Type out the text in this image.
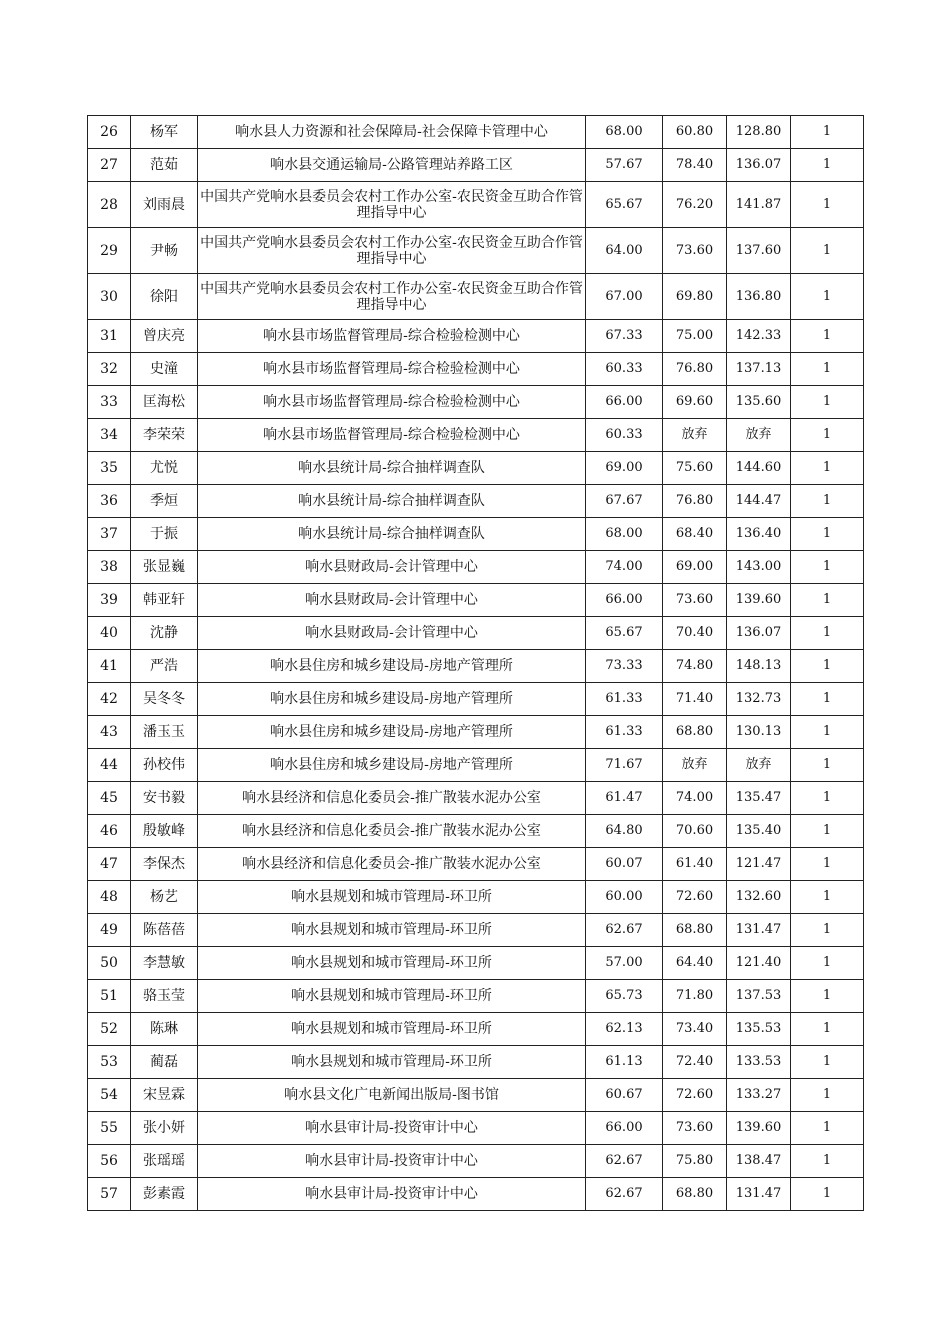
26	杨军	响水县人力资源和社会保障局-社会保障卡管理中心	68.00	60.80	128.80	1
27	范茹	响水县交通运输局-公路管理站养路工区	57.67	78.40	136.07	1
28	刘雨晨	中国共产党响水县委员会农村工作办公室-农民资金互助合作管理指导中心	65.67	76.20	141.87	1
29	尹畅	中国共产党响水县委员会农村工作办公室-农民资金互助合作管理指导中心	64.00	73.60	137.60	1
30	徐阳	中国共产党响水县委员会农村工作办公室-农民资金互助合作管理指导中心	67.00	69.80	136.80	1
31	曾庆亮	响水县市场监督管理局-综合检验检测中心	67.33	75.00	142.33	1
32	史潼	响水县市场监督管理局-综合检验检测中心	60.33	76.80	137.13	1
33	匡海松	响水县市场监督管理局-综合检验检测中心	66.00	69.60	135.60	1
34	李荣荣	响水县市场监督管理局-综合检验检测中心	60.33	放弃	放弃	1
35	尤悦	响水县统计局-综合抽样调查队	69.00	75.60	144.60	1
36	季烜	响水县统计局-综合抽样调查队	67.67	76.80	144.47	1
37	于振	响水县统计局-综合抽样调查队	68.00	68.40	136.40	1
38	张显巍	响水县财政局-会计管理中心	74.00	69.00	143.00	1
39	韩亚轩	响水县财政局-会计管理中心	66.00	73.60	139.60	1
40	沈静	响水县财政局-会计管理中心	65.67	70.40	136.07	1
41	严浩	响水县住房和城乡建设局-房地产管理所	73.33	74.80	148.13	1
42	吴冬冬	响水县住房和城乡建设局-房地产管理所	61.33	71.40	132.73	1
43	潘玉玉	响水县住房和城乡建设局-房地产管理所	61.33	68.80	130.13	1
44	孙校伟	响水县住房和城乡建设局-房地产管理所	71.67	放弃	放弃	1
45	安书毅	响水县经济和信息化委员会-推广散装水泥办公室	61.47	74.00	135.47	1
46	殷敏峰	响水县经济和信息化委员会-推广散装水泥办公室	64.80	70.60	135.40	1
47	李保杰	响水县经济和信息化委员会-推广散装水泥办公室	60.07	61.40	121.47	1
48	杨艺	响水县规划和城市管理局-环卫所	60.00	72.60	132.60	1
49	陈蓓蓓	响水县规划和城市管理局-环卫所	62.67	68.80	131.47	1
50	李慧敏	响水县规划和城市管理局-环卫所	57.00	64.40	121.40	1
51	骆玉莹	响水县规划和城市管理局-环卫所	65.73	71.80	137.53	1
52	陈琳	响水县规划和城市管理局-环卫所	62.13	73.40	135.53	1
53	蔺磊	响水县规划和城市管理局-环卫所	61.13	72.40	133.53	1
54	宋昱霖	响水县文化广电新闻出版局-图书馆	60.67	72.60	133.27	1
55	张小妍	响水县审计局-投资审计中心	66.00	73.60	139.60	1
56	张瑶瑶	响水县审计局-投资审计中心	62.67	75.80	138.47	1
57	彭素霞	响水县审计局-投资审计中心	62.67	68.80	131.47	1
